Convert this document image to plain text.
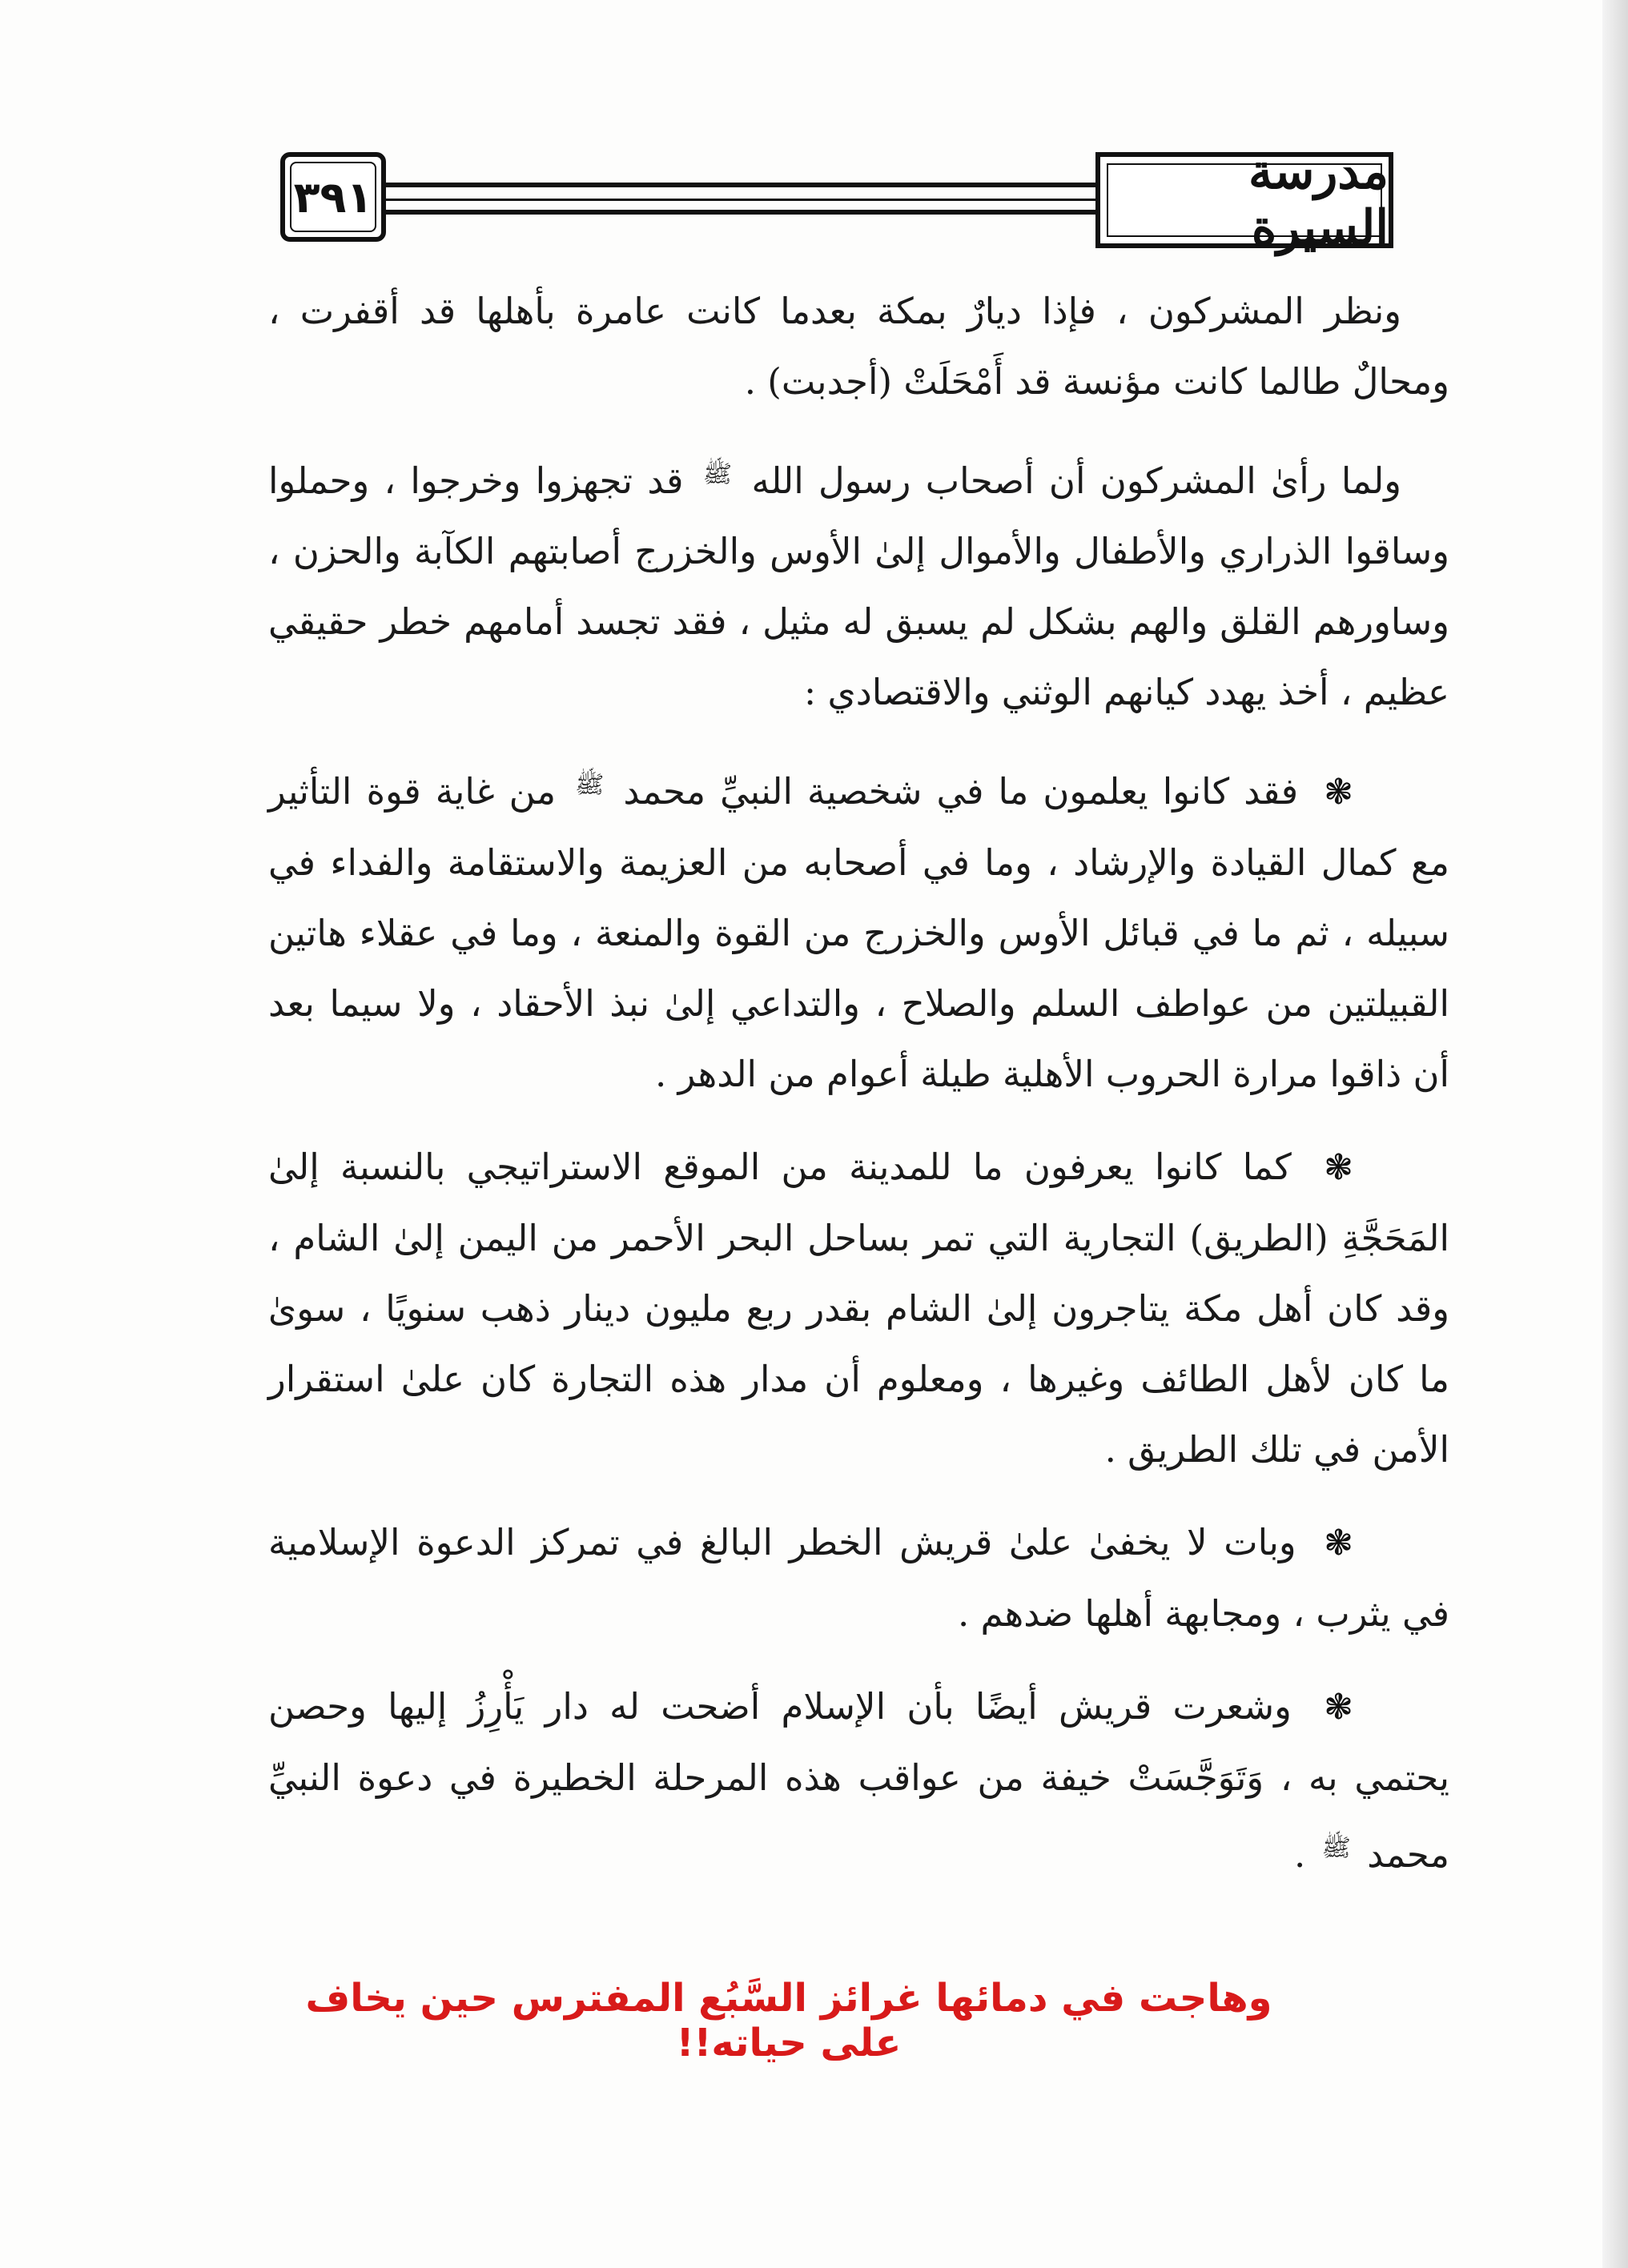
٣٩١	مدرسة السيرة

ونظر المشركون ، فإذا ديارٌ بمكة بعدما كانت عامرة بأهلها قد أقفرت ، ومحالٌ طالما كانت مؤنسة قد أَمْحَلَتْ (أجدبت) .

ولما رأىٰ المشركون أن أصحاب رسول الله $^ﷺ$ قد تجهزوا وخرجوا ، وحملوا وساقوا الذراري والأطفال والأموال إلىٰ الأوس والخزرج أصابتهم الكآبة والحزن ، وساورهم القلق والهم بشكل لم يسبق له مثيل ، فقد تجسد أمامهم خطر حقيقي عظيم ، أخذ يهدد كيانهم الوثني والاقتصادي :

❃ فقد كانوا يعلمون ما في شخصية النبيِّ محمد $^ﷺ$ من غاية قوة التأثير مع كمال القيادة والإرشاد ، وما في أصحابه من العزيمة والاستقامة والفداء في سبيله ، ثم ما في قبائل الأوس والخزرج من القوة والمنعة ، وما في عقلاء هاتين القبيلتين من عواطف السلم والصلاح ، والتداعي إلىٰ نبذ الأحقاد ، ولا سيما بعد أن ذاقوا مرارة الحروب الأهلية طيلة أعوام من الدهر .

❃ كما كانوا يعرفون ما للمدينة من الموقع الاستراتيجي بالنسبة إلىٰ المَحَجَّةِ (الطريق) التجارية التي تمر بساحل البحر الأحمر من اليمن إلىٰ الشام ، وقد كان أهل مكة يتاجرون إلىٰ الشام بقدر ربع مليون دينار ذهب سنويًا ، سوىٰ ما كان لأهل الطائف وغيرها ، ومعلوم أن مدار هذه التجارة كان علىٰ استقرار الأمن في تلك الطريق .

❃ وبات لا يخفىٰ علىٰ قريش الخطر البالغ في تمركز الدعوة الإسلامية في يثرب ، ومجابهة أهلها ضدهم .

❃ وشعرت قريش أيضًا بأن الإسلام أضحت له دار يَأْرِزُ إليها وحصن يحتمي به ، وَتَوَجَّسَتْ خيفة من عواقب هذه المرحلة الخطيرة في دعوة النبيِّ محمد $^ﷺ$ .

وهاجت في دمائها غرائز السَّبُع المفترس حين يخاف على حياته!!
